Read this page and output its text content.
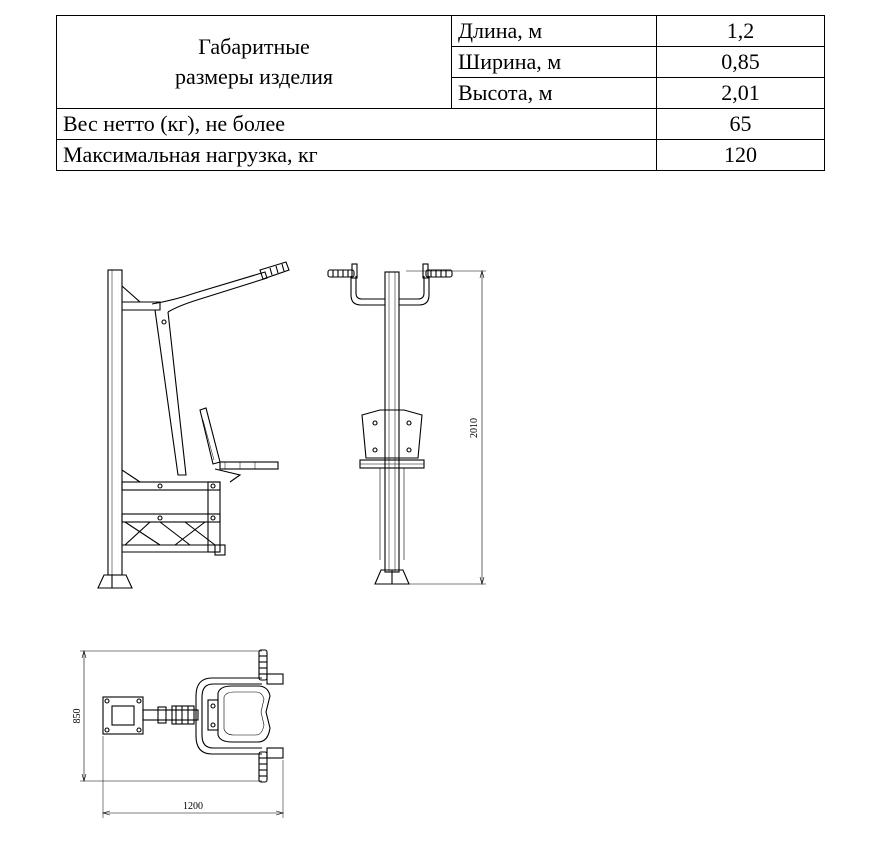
Габаритные
размеры изделия	Длина, м	1,2
	Ширина, м	0,85
	Высота, м	2,01
Вес нетто (кг), не более		65
Максимальная нагрузка, кг		120
2010
850
1200
